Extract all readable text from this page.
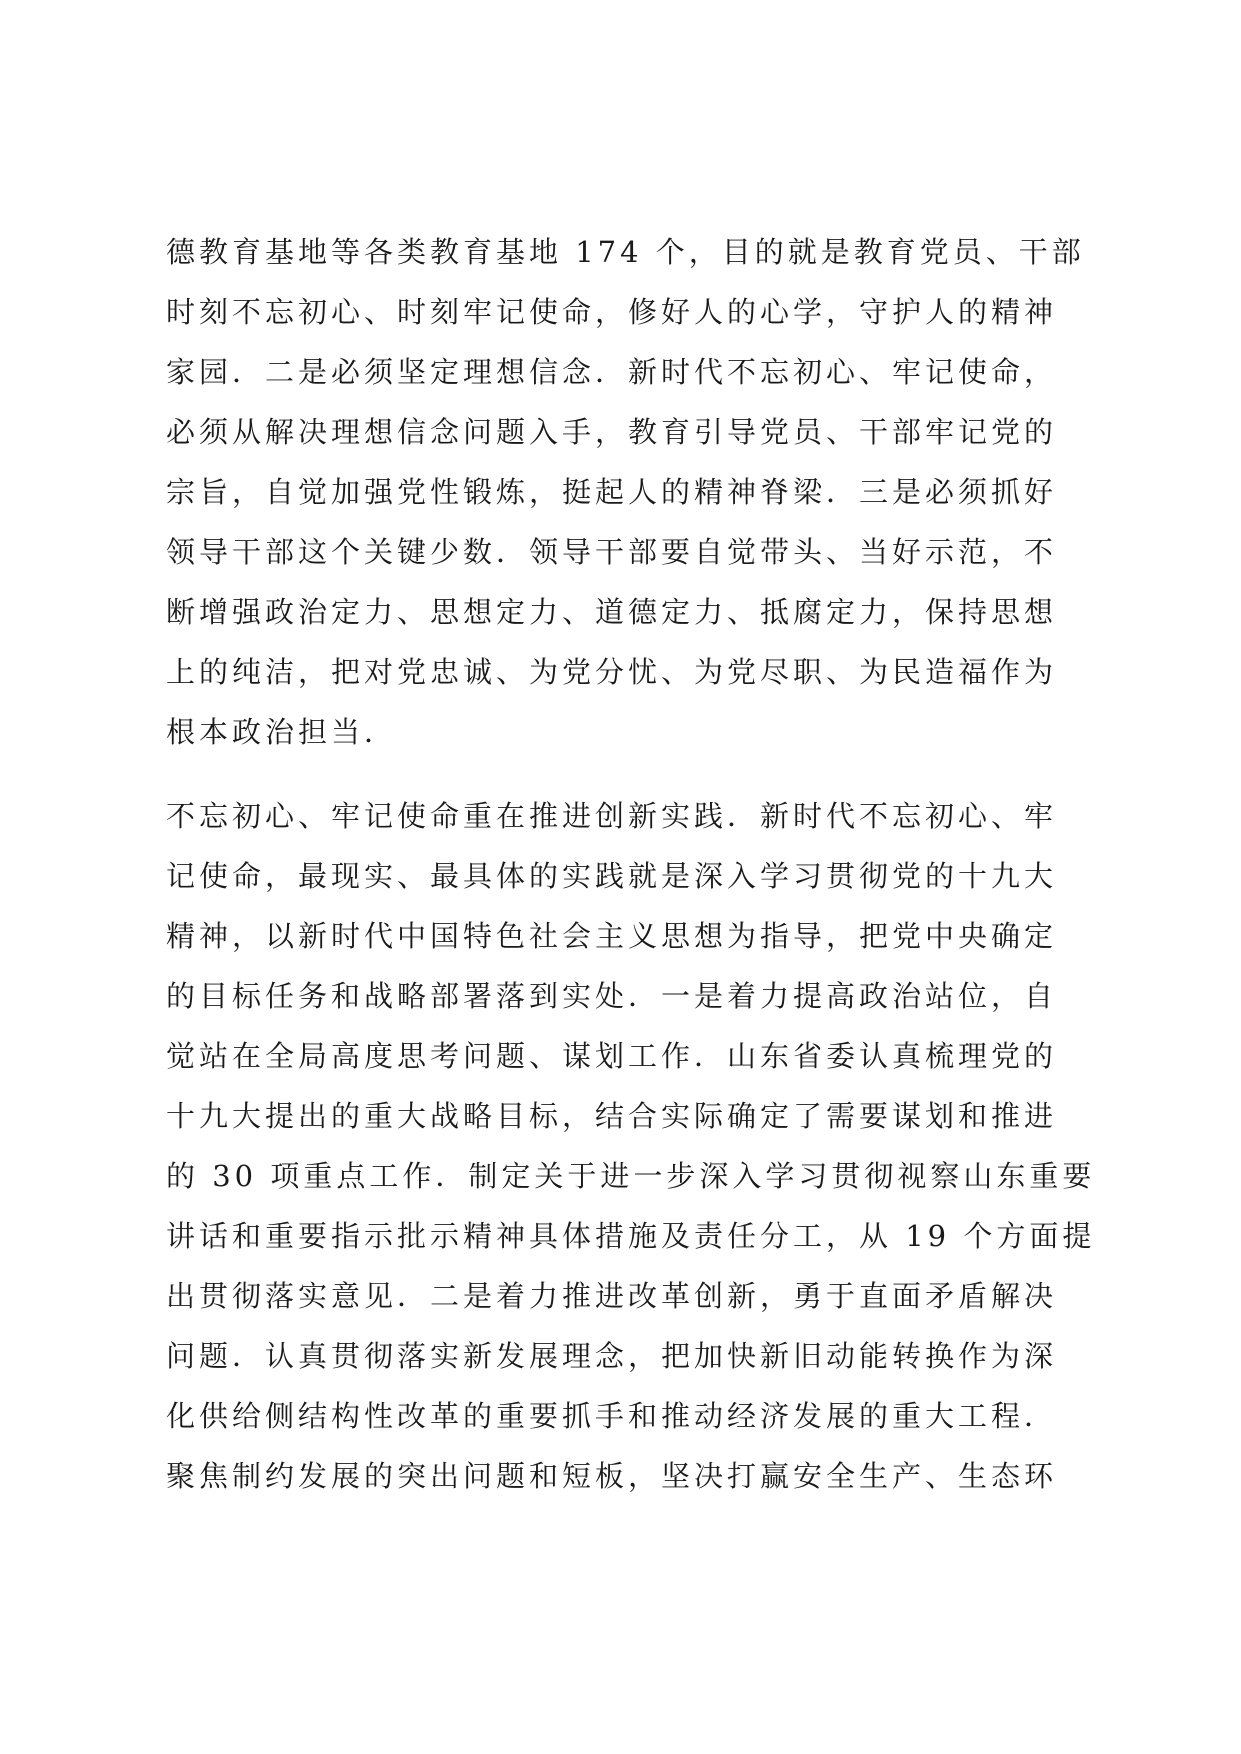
德教育基地等各类教育基地 174 个，目的就是教育党员、干部
时刻不忘初心、时刻牢记使命，修好人的心学，守护人的精神
家园．二是必须坚定理想信念．新时代不忘初心、牢记使命，
必须从解决理想信念问题入手，教育引导党员、干部牢记党的
宗旨，自觉加强党性锻炼，挺起人的精神脊梁．三是必须抓好
领导干部这个关键少数．领导干部要自觉带头、当好示范，不
断增强政治定力、思想定力、道德定力、抵腐定力，保持思想
上的纯洁，把对党忠诚、为党分忧、为党尽职、为民造福作为
根本政治担当．
不忘初心、牢记使命重在推进创新实践．新时代不忘初心、牢
记使命，最现实、最具体的实践就是深入学习贯彻党的十九大
精神，以新时代中国特色社会主义思想为指导，把党中央确定
的目标任务和战略部署落到实处．一是着力提高政治站位，自
觉站在全局高度思考问题、谋划工作．山东省委认真梳理党的
十九大提出的重大战略目标，结合实际确定了需要谋划和推进
的 30 项重点工作．制定关于进一步深入学习贯彻视察山东重要
讲话和重要指示批示精神具体措施及责任分工，从 19 个方面提
出贯彻落实意见．二是着力推进改革创新，勇于直面矛盾解决
问题．认真贯彻落实新发展理念，把加快新旧动能转换作为深
化供给侧结构性改革的重要抓手和推动经济发展的重大工程．
聚焦制约发展的突出问题和短板，坚决打赢安全生产、生态环
